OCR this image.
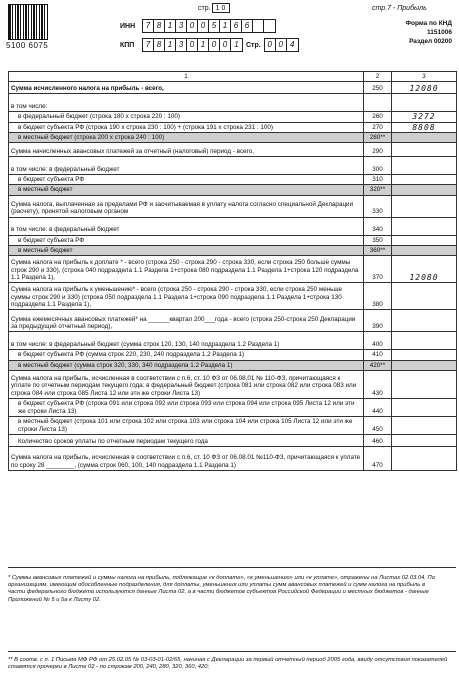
5100 6075
стр. 1 0	стр.7 - Прибыль
ИНН	7 8 1 3 0 0 5 1 6 6
КПП	7 8 1 3 0 1 0 0 1	Стр. 0 0 4
Форма по КНД 1151006
Раздел 00200
1	2	3
Сумма исчисленного налога на прибыль - всего,	250	12080
в том числе:		
в федеральный бюджет (строка 180 х строка 220 : 100)	260	3272
в бюджет субъекта РФ (строка 190 х строка 230 : 100) + (строка 191 х строка 231 : 100)	270	8808
в местный бюджет (строка 200 х строка 240 : 100)	280**	
Сумма начисленных авансовых платежей за отчетный (налоговый) период - всего,	290	
в том числе: в федеральный бюджет	300	
в бюджет субъекта РФ	310	
в местный бюджет	320**	
Сумма налога, выплаченная за пределами РФ и засчитываемая в уплату налога согласно специальной Декларации (расчету), принятой налоговым органом	330	
в том числе: в федеральный бюджет	340	
в бюджет субъекта РФ	350	
в местный бюджет	360**	
Сумма налога на прибыль к доплате * - всего (строка 250 - строка 290 - строка 330, если строка 250 больше суммы строк 290 и 330), (строка 040 подраздела 1.1 Раздела 1+строка 080 подраздела 1.1 Раздела 1+строка 120 подраздела 1.1 Раздела 1),	370	12080
Сумма налога на прибыль к уменьшению* - всего (строка 250 - строка 290 - строка 330, если строка 250 меньше суммы строк 290 и 330) (строка 050 подраздела 1.1 Раздела 1+строка 090 подраздела 1.1 Раздела 1+строка 130 подраздела 1.1 Раздела 1),	380	
Сумма ежемесячных авансовых платежей* на ______квартал 200___года - всего (строка 250-строка 250 Декларации за предыдущий отчетный период),	390	
в том числе: в федеральный бюджет (сумма строк 120, 130, 140 подраздела 1.2 Раздела 1)	400	
в бюджет субъекта РФ (сумма строк 220, 230, 240 подраздела 1.2 Раздела 1)	410	
в местный бюджет (сумма строк 320, 330, 340 подраздела 1.2 Раздела 1)	420**	
Сумма налога на прибыль, исчисленная в соответствии с п.6, ст. 10 ФЗ от 06.08.01 № 110-ФЗ, причитающаяся к уплате по отчетным периодам текущего года: в федеральный бюджет (строка 081 или строка 082 или строка 083 или строка 084 или строка 085 Листа 12 или эти же строки Листа 13)	430	
в бюджет субъекта РФ (строка 091 или строка 092 или строка 093 или строка 094 или строка 095 Листа 12 или эти же строки Листа 13)	440	
в местный бюджет (строка 101 или строка 102 или строка 103 или строка 104 или строка 105 Листа 12 или эти же строки Листа 13)	450	
Количество сроков уплаты по отчетным периодам текущего года	460	
Сумма налога на прибыль, исчисленная в соответствии с п.6, ст. 10 ФЗ от 06.08.01 №110-ФЗ, причитающаяся к уплате по сроку 28 ________, (сумма строк 060, 100, 140 подраздела 1.1 Раздела 1)	470	
* Суммы авансовых платежей и суммы налога на прибыль, подлежащие «к доплате», «к уменьшению» или «к уплате», отражены на Листах 02.03.04. По организациям, имеющим обособленные подразделения, для доплаты, уменьшения или уплаты сумм авансовых платежей и сумм налога на прибыль в части федерального бюджета используются данные Листа 02, а в части бюджетов субъектов Российской Федерации и местных бюджетов - данные Приложений № 5 и 5а к Листу 02.
** В соотв. с п. 1 Письма МФ РФ от 25.02.05 № 03-03-01-02/65, начиная с Декларации за первый отчетный период 2005 года, ввиду отсутствия показателей ставятся прочерки в Листе 02 - по строкам 200, 240, 280, 320, 360, 420;
